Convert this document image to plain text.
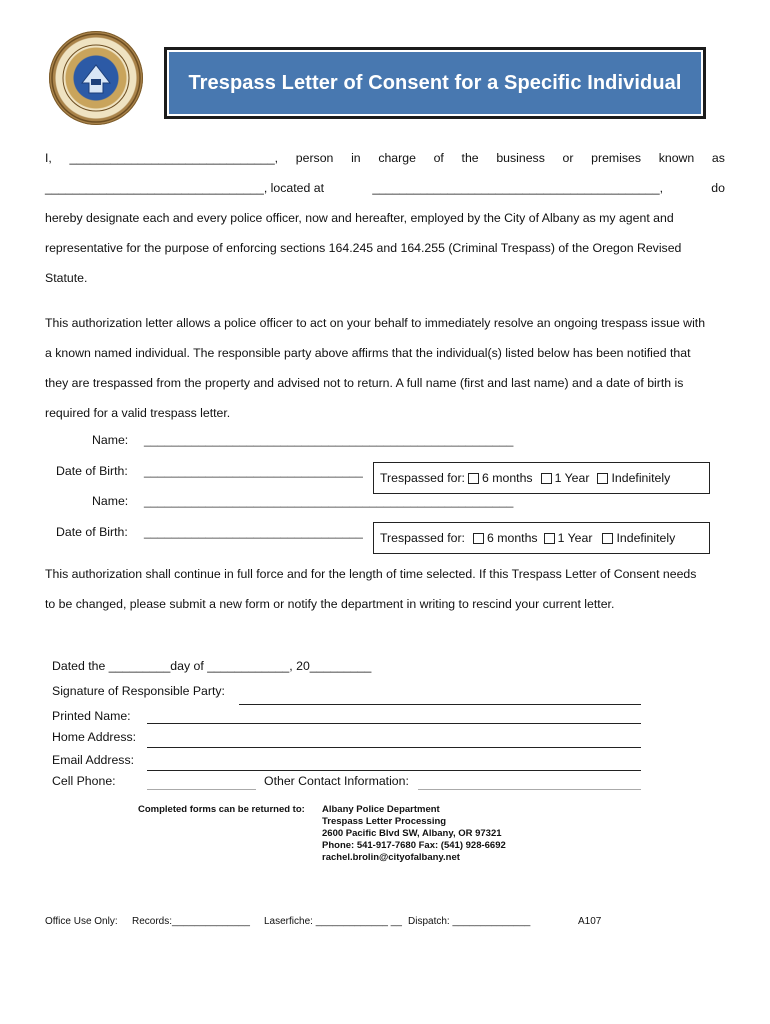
Trespass Letter of Consent for a Specific Individual
I, ______________________________, person in charge of the business or premises known as
________________________________, located at	__________________________________________,	do
hereby designate each and every police officer, now and hereafter, employed by the City of Albany as my agent and
representative for the purpose of enforcing sections 164.245 and 164.255 (Criminal Trespass) of the Oregon Revised
Statute.
This authorization letter allows a police officer to act on your behalf to immediately resolve an ongoing trespass issue with
a known named individual. The responsible party above affirms that the individual(s) listed below has been notified that
they are trespassed from the property and advised not to return. A full name (first and last name) and a date of birth is
required for a valid trespass letter.
Name: ______________________________________________________
Date of Birth: ________________________________ Trespassed for: 6 months 1 Year Indefinitely
Name: ______________________________________________________
Date of Birth: ________________________________ Trespassed for: 6 months 1 Year Indefinitely
This authorization shall continue in full force and for the length of time selected. If this Trespass Letter of Consent needs
to be changed, please submit a new form or notify the department in writing to rescind your current letter.
Dated the _________day of ____________, 20_________
Signature of Responsible Party:
Printed Name:
Home Address:
Email Address:
Cell Phone:	Other Contact Information:
Completed forms can be returned to: Albany Police Department
Trespass Letter Processing
2600 Pacific Blvd SW, Albany, OR 97321
Phone: 541-917-7680 Fax: (541) 928-6692
rachel.brolin@cityofalbany.net
Office Use Only: Records:______________ Laserfiche: _____________ __ Dispatch: ______________	A107
